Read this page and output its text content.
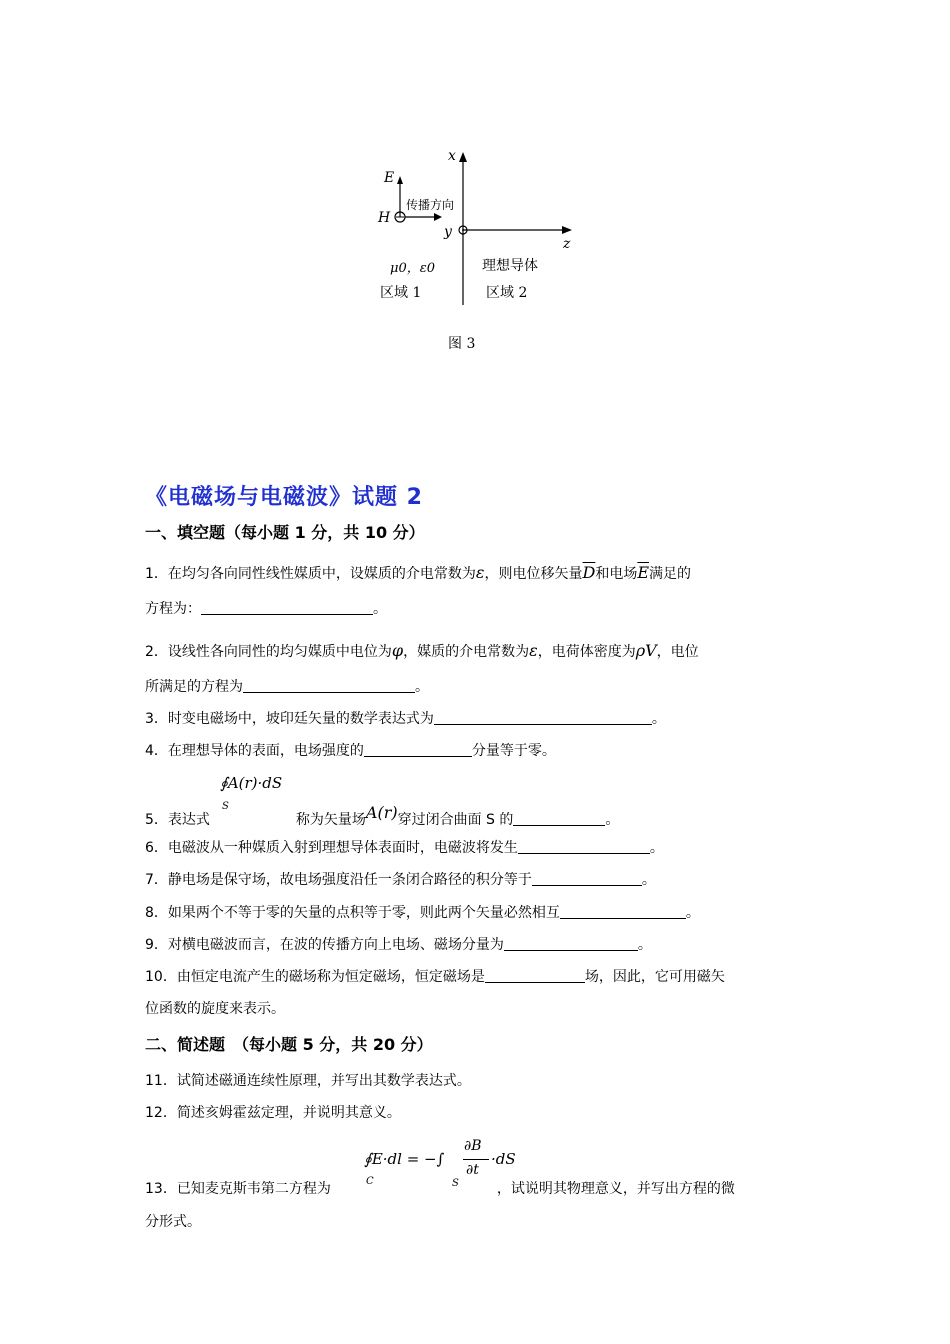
x
y
z
E
H
传播方向
μ0，ε0	理想导体
区域 1	区域 2
图 3
《电磁场与电磁波》试题 2
一、填空题（每小题 1 分，共 10 分）
1．在均匀各向同性线性媒质中，设媒质的介电常数为ε，则电位移矢量$\overline{D}$和电场$\overline{E}$满足的
方程为：	。
2．设线性各向同性的均匀媒质中电位为φ，媒质的介电常数为ε，电荷体密度为ρV，电位
所满足的方程为	。
3．时变电磁场中，坡印廷矢量的数学表达式为	。
4．在理想导体的表面，电场强度的	分量等于零。
∮A(r)·dS
S
5．表达式	称为矢量场A(r)穿过闭合曲面 S 的	。
6．电磁波从一种媒质入射到理想导体表面时，电磁波将发生	。
7．静电场是保守场，故电场强度沿任一条闭合路径的积分等于	。
8．如果两个不等于零的矢量的点积等于零，则此两个矢量必然相互	。
9．对横电磁波而言，在波的传播方向上电场、磁场分量为	。
10．由恒定电流产生的磁场称为恒定磁场，恒定磁场是	场，因此，它可用磁矢
位函数的旋度来表示。
二、简述题　（每小题 5 分，共 20 分）
11．试简述磁通连续性原理，并写出其数学表达式。
12．简述亥姆霍兹定理，并说明其意义。
∮E·dl = −∫
C	S
∂B
∂t
·dS
13．已知麦克斯韦第二方程为	，试说明其物理意义，并写出方程的微
分形式。
